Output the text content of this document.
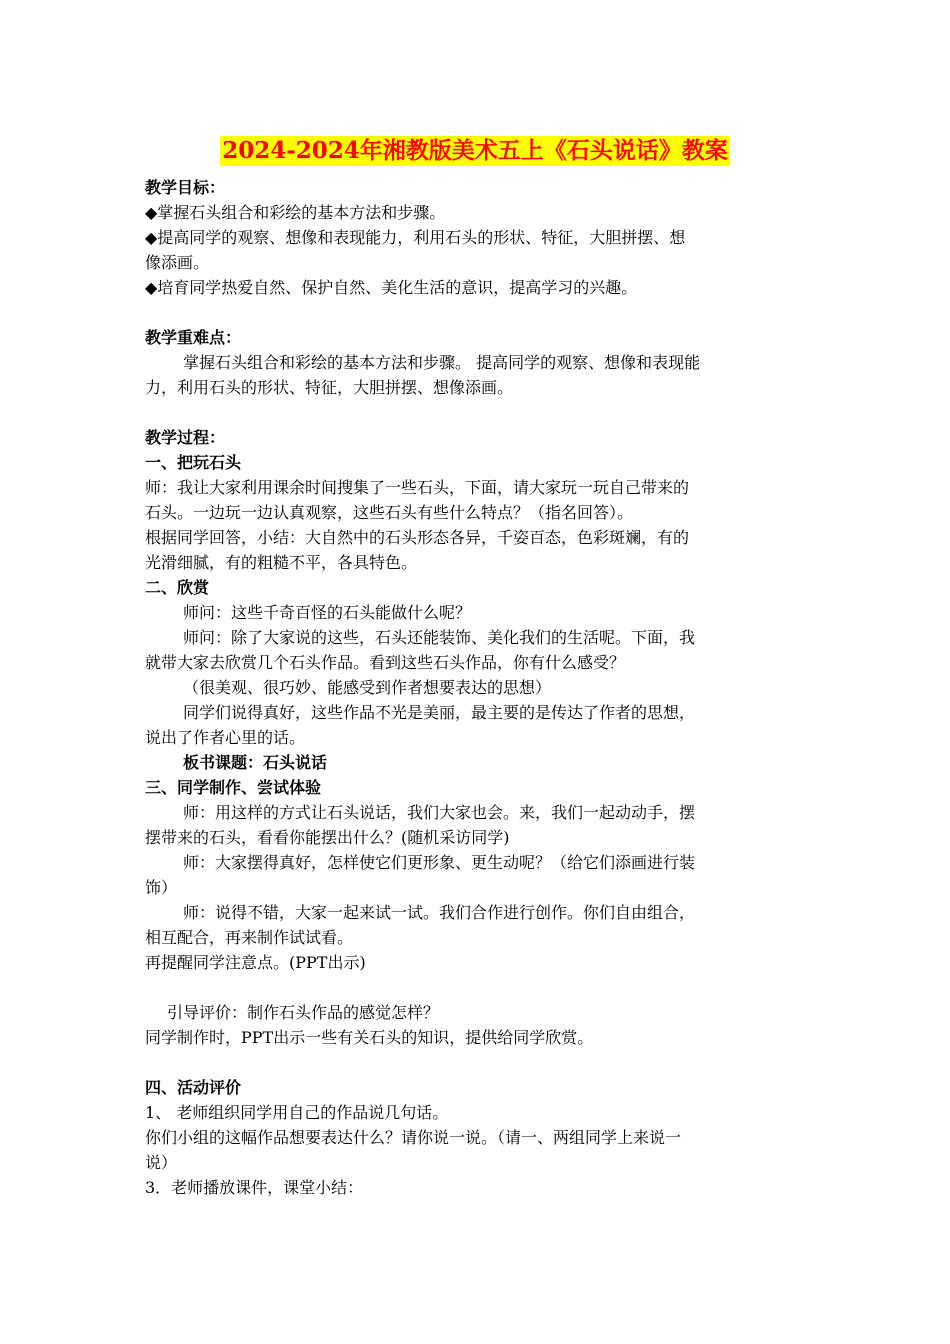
2024-2024年湘教版美术五上《石头说话》教案
教学目标：
◆掌握石头组合和彩绘的基本方法和步骤。
◆提高同学的观察、想像和表现能力，利用石头的形状、特征，大胆拼摆、想
像添画。
◆培育同学热爱自然、保护自然、美化生活的意识，提高学习的兴趣。
教学重难点：
掌握石头组合和彩绘的基本方法和步骤。 提高同学的观察、想像和表现能
力，利用石头的形状、特征，大胆拼摆、想像添画。
教学过程：
一、把玩石头
师：我让大家利用课余时间搜集了一些石头，下面，请大家玩一玩自己带来的
石头。一边玩一边认真观察，这些石头有些什么特点？（指名回答）。
根据同学回答，小结：大自然中的石头形态各异，千姿百态，色彩斑斓，有的
光滑细腻，有的粗糙不平，各具特色。
二、欣赏
师问：这些千奇百怪的石头能做什么呢？
师问：除了大家说的这些，石头还能装饰、美化我们的生活呢。下面，我
就带大家去欣赏几个石头作品。看到这些石头作品，你有什么感受？
（很美观、很巧妙、能感受到作者想要表达的思想）
同学们说得真好，这些作品不光是美丽，最主要的是传达了作者的思想，
说出了作者心里的话。
板书课题：石头说话
三、同学制作、尝试体验
师：用这样的方式让石头说话，我们大家也会。来，我们一起动动手，摆
摆带来的石头，看看你能摆出什么？(随机采访同学)
师：大家摆得真好，怎样使它们更形象、更生动呢？（给它们添画进行装
饰）
师：说得不错，大家一起来试一试。我们合作进行创作。你们自由组合，
相互配合，再来制作试试看。
再提醒同学注意点。(PPT出示)
引导评价：制作石头作品的感觉怎样？
同学制作时，PPT出示一些有关石头的知识，提供给同学欣赏。
四、活动评价
1、 老师组织同学用自己的作品说几句话。
你们小组的这幅作品想要表达什么？请你说一说。（请一、两组同学上来说一
说）
3．老师播放课件，课堂小结：
